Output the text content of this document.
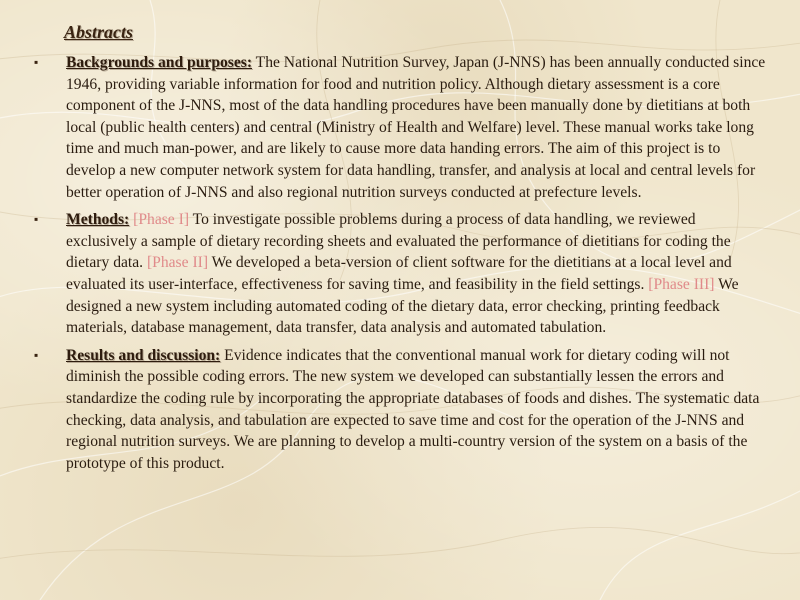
Abstracts
▪ Backgrounds and purposes: The National Nutrition Survey, Japan (J-NNS) has been annually conducted since 1946, providing variable information for food and nutrition policy. Although dietary assessment is a core component of the J-NNS, most of the data handling procedures have been manually done by dietitians at both local (public health centers) and central (Ministry of Health and Welfare) level. These manual works take long time and much man-power, and are likely to cause more data handing errors. The aim of this project is to develop a new computer network system for data handling, transfer, and analysis at local and central levels for better operation of J-NNS and also regional nutrition surveys conducted at prefecture levels.
▪ Methods: [Phase I] To investigate possible problems during a process of data handling, we reviewed exclusively a sample of dietary recording sheets and evaluated the performance of dietitians for coding the dietary data. [Phase II] We developed a beta-version of client software for the dietitians at a local level and evaluated its user-interface, effectiveness for saving time, and feasibility in the field settings. [Phase III] We designed a new system including automated coding of the dietary data, error checking, printing feedback materials, database management, data transfer, data analysis and automated tabulation.
▪ Results and discussion: Evidence indicates that the conventional manual work for dietary coding will not diminish the possible coding errors. The new system we developed can substantially lessen the errors and standardize the coding rule by incorporating the appropriate databases of foods and dishes. The systematic data checking, data analysis, and tabulation are expected to save time and cost for the operation of the J-NNS and regional nutrition surveys. We are planning to develop a multi-country version of the system on a basis of the prototype of this product.
